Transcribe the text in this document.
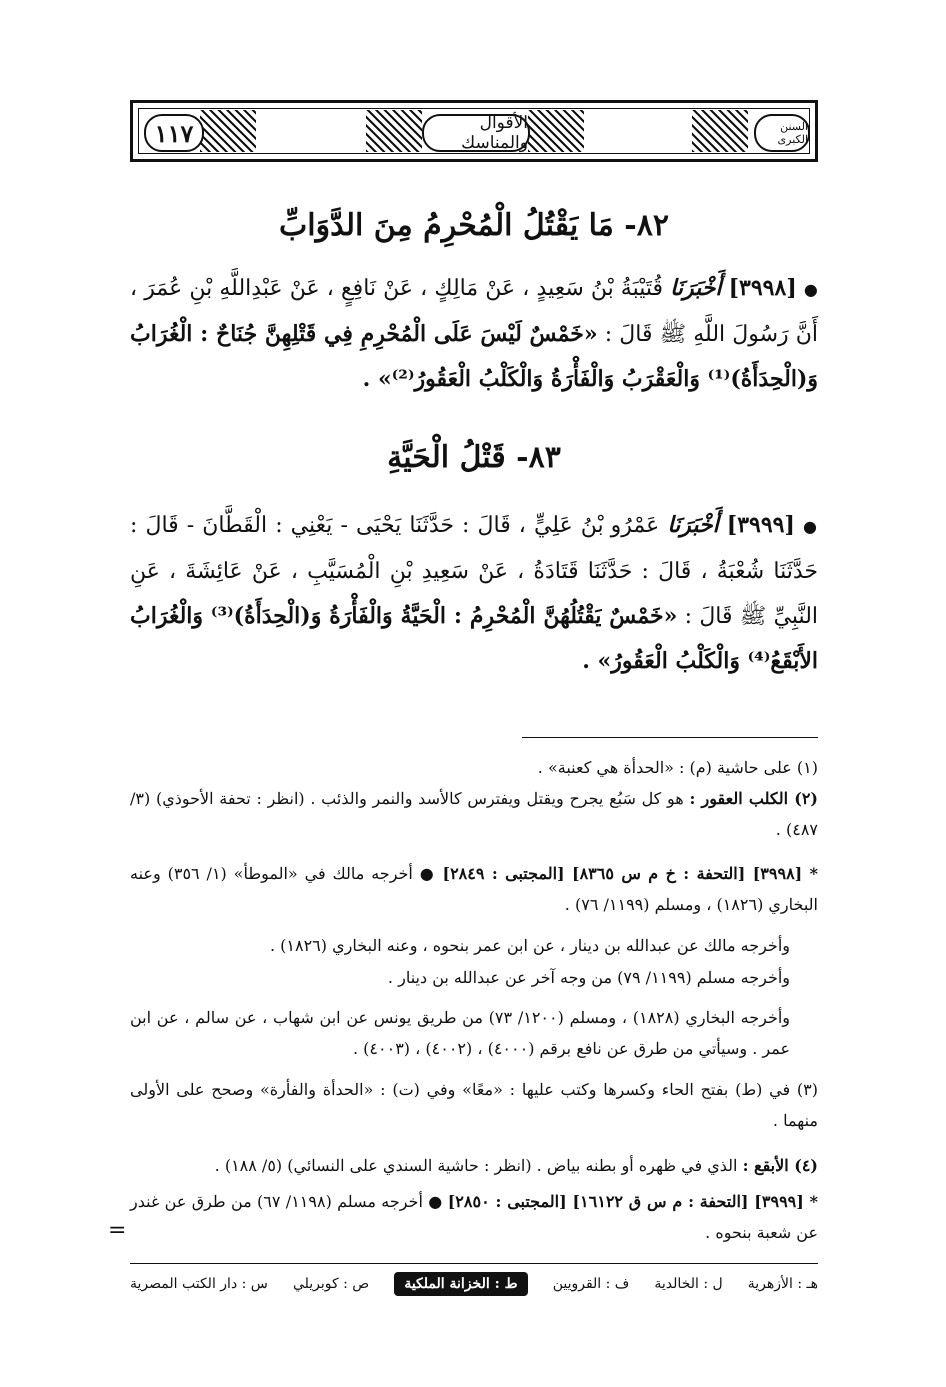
١١٧	الأقوال والمناسك
السنن الكبرى
٨٢- مَا يَقْتُلُ الْمُحْرِمُ مِنَ الدَّوَابِّ
● [٣٩٩٨] أَخْبَرَنَا قُتَيْبَةُ بْنُ سَعِيدٍ ، عَنْ مَالِكٍ ، عَنْ نَافِعٍ ، عَنْ عَبْدِاللَّهِ بْنِ عُمَرَ ، أَنَّ رَسُولَ اللَّهِ ﷺ قَالَ : «خَمْسٌ لَيْسَ عَلَى الْمُحْرِمِ فِي قَتْلِهِنَّ جُنَاحٌ : الْغُرَابُ وَ(الْحِدَأَةُ)⁽¹⁾ وَالْعَقْرَبُ وَالْفَأْرَةُ وَالْكَلْبُ الْعَقُورُ⁽²⁾» .
٨٣- قَتْلُ الْحَيَّةِ
● [٣٩٩٩] أَخْبَرَنَا عَمْرُو بْنُ عَلِيٍّ ، قَالَ : حَدَّثَنَا يَحْيَى - يَعْنِي : الْقَطَّانَ - قَالَ : حَدَّثَنَا شُعْبَةُ ، قَالَ : حَدَّثَنَا قَتَادَةُ ، عَنْ سَعِيدِ بْنِ الْمُسَيَّبِ ، عَنْ عَائِشَةَ ، عَنِ النَّبِيِّ ﷺ قَالَ : «خَمْسٌ يَقْتُلُهُنَّ الْمُحْرِمُ : الْحَيَّةُ وَالْفَأْرَةُ وَ(الْحِدَأَةُ)⁽³⁾ وَالْغُرَابُ الأَبْقَعُ⁽⁴⁾ وَالْكَلْبُ الْعَقُورُ» .
(١) على حاشية (م) : «الحدأة هي كعنبة» .
(٢) الكلب العقور : هو كل سَبُع يجرح ويقتل ويفترس كالأسد والنمر والذئب . (انظر : تحفة الأحوذي) (٣/ ٤٨٧) .
* [٣٩٩٨] [التحفة : خ م س ٨٣٦٥] [المجتبى : ٢٨٤٩] ● أخرجه مالك في «الموطأ» (١/ ٣٥٦) وعنه البخاري (١٨٢٦) ، ومسلم (١١٩٩/ ٧٦) .
وأخرجه مالك عن عبدالله بن دينار ، عن ابن عمر بنحوه ، وعنه البخاري (١٨٢٦) .
وأخرجه مسلم (١١٩٩/ ٧٩) من وجه آخر عن عبدالله بن دينار .
وأخرجه البخاري (١٨٢٨) ، ومسلم (١٢٠٠/ ٧٣) من طريق يونس عن ابن شهاب ، عن سالم ، عن ابن عمر . وسيأتي من طرق عن نافع برقم (٤٠٠٠) ، (٤٠٠٢) ، (٤٠٠٣) .
(٣) في (ط) بفتح الحاء وكسرها وكتب عليها : «معًا» وفي (ت) : «الحدأة والفأرة» وصحح على الأولى منهما .
(٤) الأبقع : الذي في ظهره أو بطنه بياض . (انظر : حاشية السندي على النسائي) (٥/ ١٨٨) .
* [٣٩٩٩] [التحفة : م س ق ١٦١٢٢] [المجتبى : ٢٨٥٠] ● أخرجه مسلم (١١٩٨/ ٦٧) من طرق عن غندر عن شعبة بنحوه .
=
س : دار الكتب المصرية ص : كوبريلي	ط : الخزانة الملكية	ف : القرويين ل : الخالدية هـ : الأزهرية
